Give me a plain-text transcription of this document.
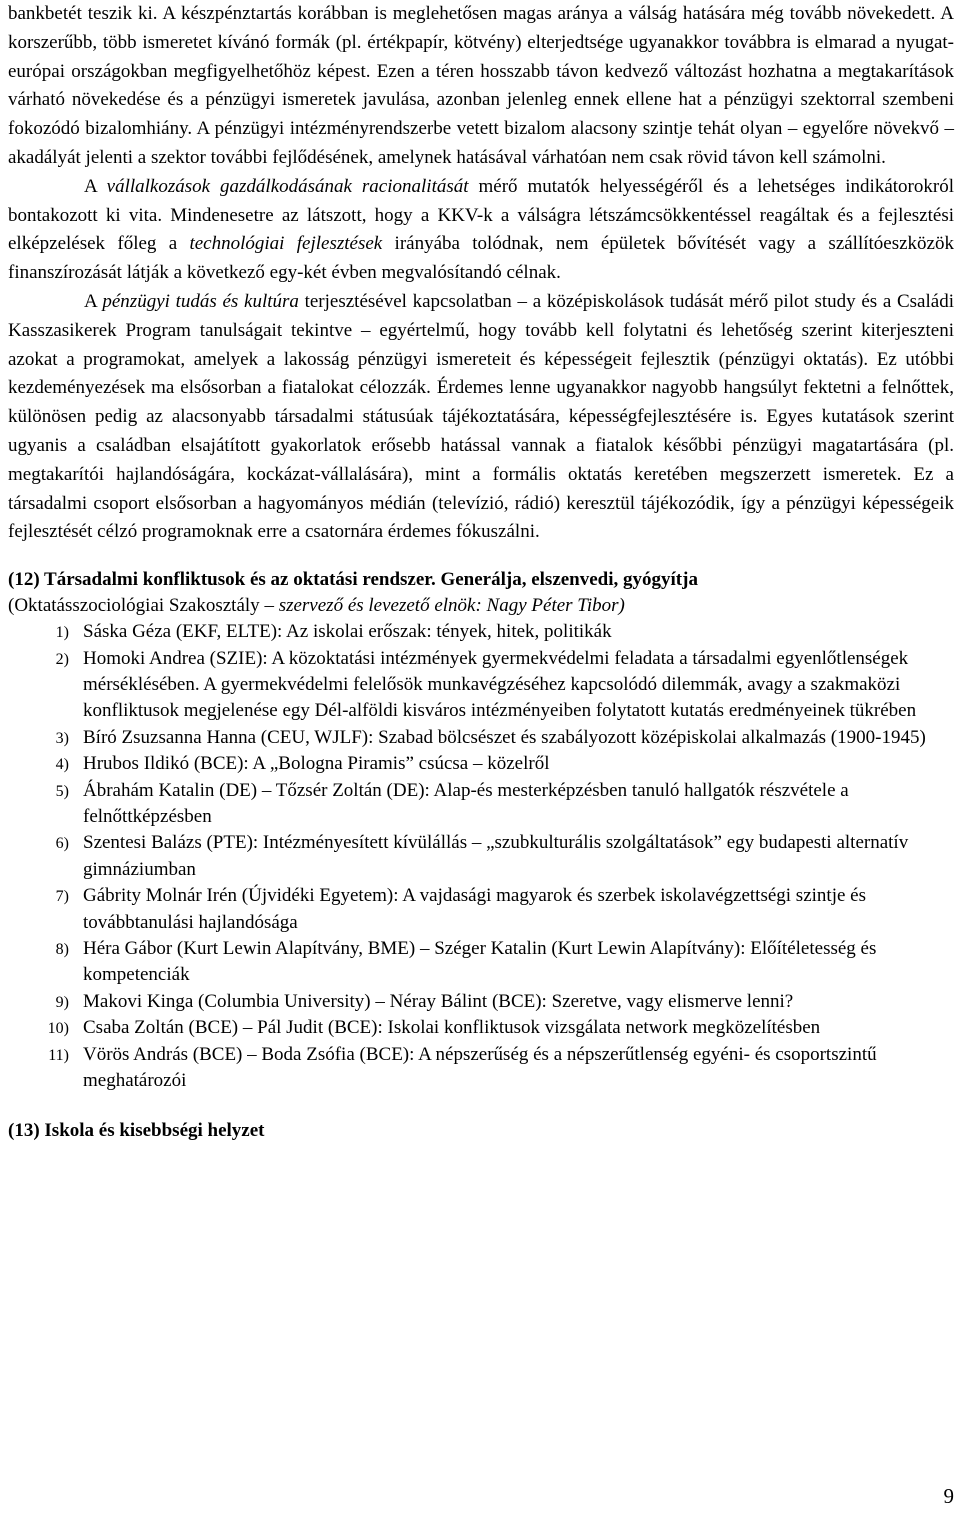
bankbetét teszik ki. A készpénztartás korábban is meglehetősen magas aránya a válság hatására még tovább növekedett. A korszerűbb, több ismeretet kívánó formák (pl. értékpapír, kötvény) elterjedtsége ugyanakkor továbbra is elmarad a nyugat-európai országokban megfigyelhetőhöz képest. Ezen a téren hosszabb távon kedvező változást hozhatna a megtakarítások várható növekedése és a pénzügyi ismeretek javulása, azonban jelenleg ennek ellene hat a pénzügyi szektorral szembeni fokozódó bizalomhiány. A pénzügyi intézményrendszerbe vetett bizalom alacsony szintje tehát olyan – egyelőre növekvő – akadályát jelenti a szektor további fejlődésének, amelynek hatásával várhatóan nem csak rövid távon kell számolni.

A vállalkozások gazdálkodásának racionalitását mérő mutatók helyességéről és a lehetséges indikátorokról bontakozott ki vita. Mindenesetre az látszott, hogy a KKV-k a válságra létszámcsökkentéssel reagáltak és a fejlesztési elképzelések főleg a technológiai fejlesztések irányába tolódnak, nem épületek bővítését vagy a szállítóeszközök finanszírozását látják a következő egy-két évben megvalósítandó célnak.

A pénzügyi tudás és kultúra terjesztésével kapcsolatban – a középiskolások tudását mérő pilot study és a Családi Kasszasikerek Program tanulságait tekintve – egyértelmű, hogy tovább kell folytatni és lehetőség szerint kiterjeszteni azokat a programokat, amelyek a lakosság pénzügyi ismereteit és képességeit fejlesztik (pénzügyi oktatás). Ez utóbbi kezdeményezések ma elsősorban a fiatalokat célozzák. Érdemes lenne ugyanakkor nagyobb hangsúlyt fektetni a felnőttek, különösen pedig az alacsonyabb társadalmi státusúak tájékoztatására, képességfejlesztésére is. Egyes kutatások szerint ugyanis a családban elsajátított gyakorlatok erősebb hatással vannak a fiatalok későbbi pénzügyi magatartására (pl. megtakarítói hajlandóságára, kockázat-vállalására), mint a formális oktatás keretében megszerzett ismeretek. Ez a társadalmi csoport elsősorban a hagyományos médián (televízió, rádió) keresztül tájékozódik, így a pénzügyi képességeik fejlesztését célzó programoknak erre a csatornára érdemes fókuszálni.

(12) Társadalmi konfliktusok és az oktatási rendszer. Generálja, elszenvedi, gyógyítja

(Oktatásszociológiai Szakosztály – szervező és levezető elnök: Nagy Péter Tibor)

1) Sáska Géza (EKF, ELTE): Az iskolai erőszak: tények, hitek, politikák
2) Homoki Andrea (SZIE): A közoktatási intézmények gyermekvédelmi feladata a társadalmi egyenlőtlenségek mérséklésében. A gyermekvédelmi felelősök munkavégzéséhez kapcsolódó dilemmák, avagy a szakmaközi konfliktusok megjelenése egy Dél-alföldi kisváros intézményeiben folytatott kutatás eredményeinek tükrében
3) Bíró Zsuzsanna Hanna (CEU, WJLF): Szabad bölcsészet és szabályozott középiskolai alkalmazás (1900-1945)
4) Hrubos Ildikó (BCE): A „Bologna Piramis” csúcsa – közelről
5) Ábrahám Katalin (DE) – Tőzsér Zoltán (DE): Alap-és mesterképzésben tanuló hallgatók részvétele a felnőttképzésben
6) Szentesi Balázs (PTE): Intézményesített kívülállás – „szubkulturális szolgáltatások” egy budapesti alternatív gimnáziumban
7) Gábrity Molnár Irén (Újvidéki Egyetem): A vajdasági magyarok és szerbek iskolavégzettségi szintje és továbbtanulási hajlandósága
8) Héra Gábor (Kurt Lewin Alapítvány, BME) – Széger Katalin (Kurt Lewin Alapítvány): Előítéletesség és kompetenciák
9) Makovi Kinga (Columbia University) – Néray Bálint (BCE): Szeretve, vagy elismerve lenni?
10) Csaba Zoltán (BCE) – Pál Judit (BCE): Iskolai konfliktusok vizsgálata network megközelítésben
11) Vörös András (BCE) – Boda Zsófia (BCE): A népszerűség és a népszerűtlenség egyéni- és csoportszintű meghatározói

(13) Iskola és kisebbségi helyzet

9
